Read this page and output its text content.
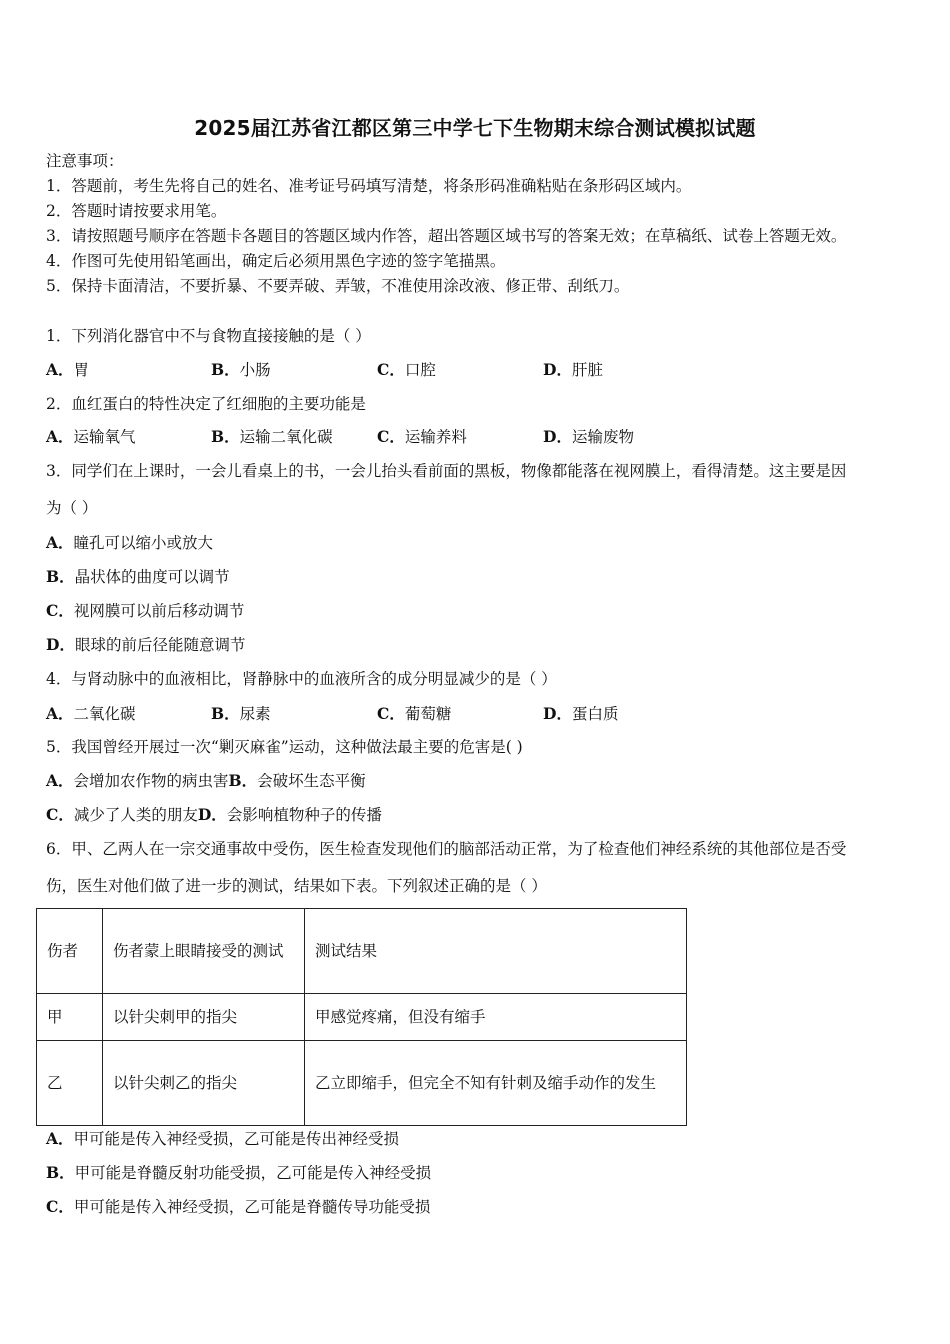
2025届江苏省江都区第三中学七下生物期末综合测试模拟试题
注意事项：
1．答题前，考生先将自己的姓名、准考证号码填写清楚，将条形码准确粘贴在条形码区域内。
2．答题时请按要求用笔。
3．请按照题号顺序在答题卡各题目的答题区域内作答，超出答题区域书写的答案无效；在草稿纸、试卷上答题无效。
4．作图可先使用铅笔画出，确定后必须用黑色字迹的签字笔描黑。
5．保持卡面清洁，不要折暴、不要弄破、弄皱，不准使用涂改液、修正带、刮纸刀。
1．下列消化器官中不与食物直接接触的是（ ）
A．胃	B．小肠	C．口腔	D．肝脏
2．血红蛋白的特性决定了红细胞的主要功能是
A．运输氧气	B．运输二氧化碳	C．运输养料	D．运输废物
3．同学们在上课时，一会儿看桌上的书，一会儿抬头看前面的黑板，物像都能落在视网膜上，看得清楚。这主要是因
为（ ）
A．瞳孔可以缩小或放大
B．晶状体的曲度可以调节
C．视网膜可以前后移动调节
D．眼球的前后径能随意调节
4．与肾动脉中的血液相比，肾静脉中的血液所含的成分明显减少的是（ ）
A．二氧化碳	B．尿素	C．葡萄糖	D．蛋白质
5．我国曾经开展过一次“剿灭麻雀”运动，这种做法最主要的危害是( )
A．会增加农作物的病虫害B．会破坏生态平衡
C．减少了人类的朋友D．会影响植物种子的传播
6．甲、乙两人在一宗交通事故中受伤，医生检查发现他们的脑部活动正常，为了检查他们神经系统的其他部位是否受
伤，医生对他们做了进一步的测试，结果如下表。下列叙述正确的是（ ）
伤者	伤者蒙上眼睛接受的测试	测试结果
甲	以针尖刺甲的指尖	甲感觉疼痛，但没有缩手
乙	以针尖刺乙的指尖	乙立即缩手，但完全不知有针刺及缩手动作的发生
A．甲可能是传入神经受损，乙可能是传出神经受损
B．甲可能是脊髓反射功能受损，乙可能是传入神经受损
C．甲可能是传入神经受损，乙可能是脊髓传导功能受损
